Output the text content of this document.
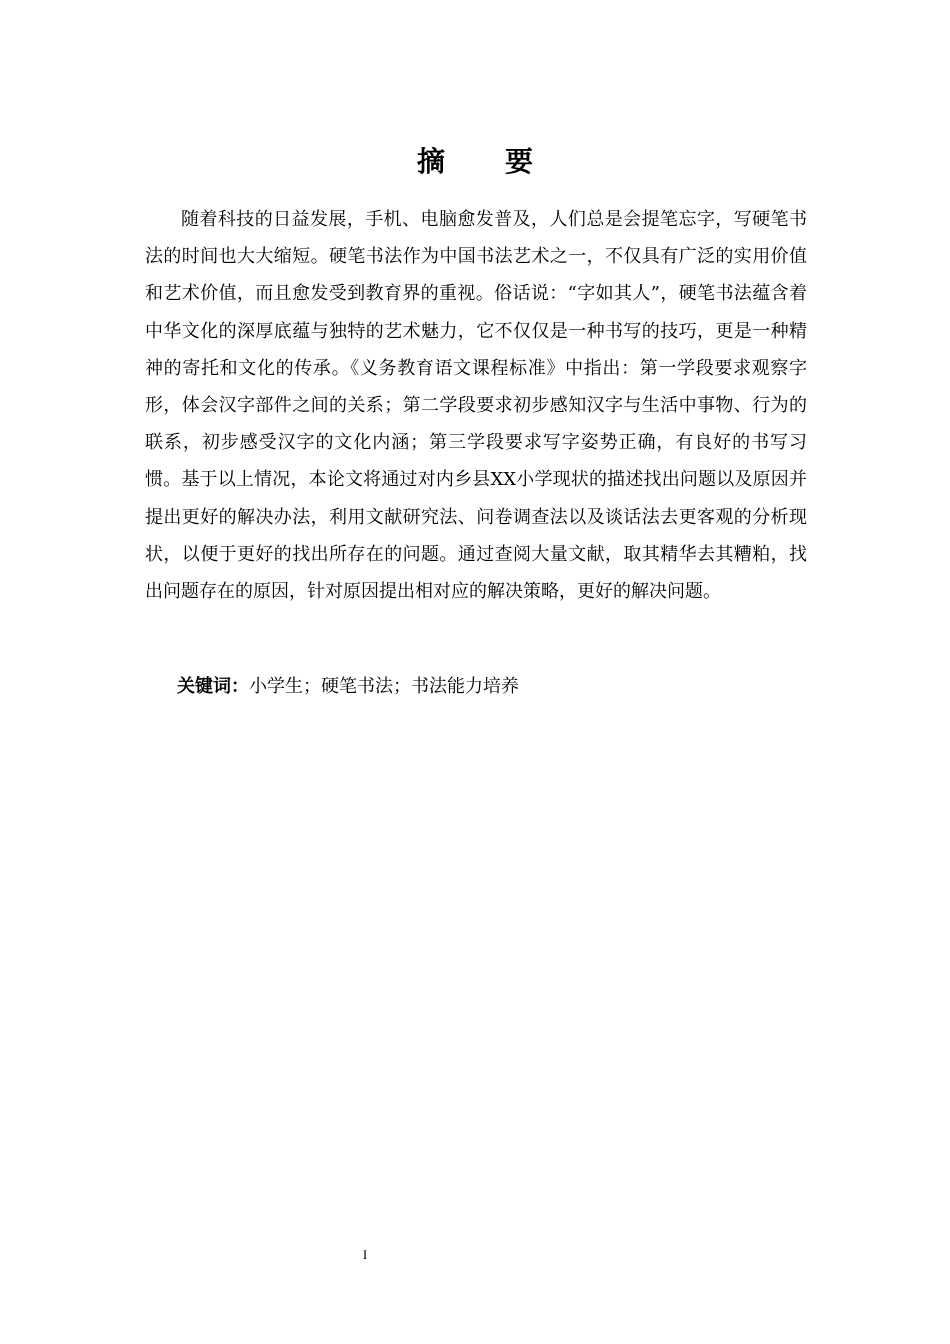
摘 要

随着科技的日益发展，手机、电脑愈发普及，人们总是会提笔忘字，写硬笔书法的时间也大大缩短。硬笔书法作为中国书法艺术之一，不仅具有广泛的实用价值和艺术价值，而且愈发受到教育界的重视。俗话说：“字如其人”，硬笔书法蕴含着中华文化的深厚底蕴与独特的艺术魅力，它不仅仅是一种书写的技巧，更是一种精神的寄托和文化的传承。《义务教育语文课程标准》中指出：第一学段要求观察字形，体会汉字部件之间的关系；第二学段要求初步感知汉字与生活中事物、行为的联系，初步感受汉字的文化内涵；第三学段要求写字姿势正确，有良好的书写习惯。基于以上情况，本论文将通过对内乡县XX小学现状的描述找出问题以及原因并提出更好的解决办法，利用文献研究法、问卷调查法以及谈话法去更客观的分析现状，以便于更好的找出所存在的问题。通过查阅大量文献，取其精华去其糟粕，找出问题存在的原因，针对原因提出相对应的解决策略，更好的解决问题。

关键词：小学生；硬笔书法；书法能力培养

I
